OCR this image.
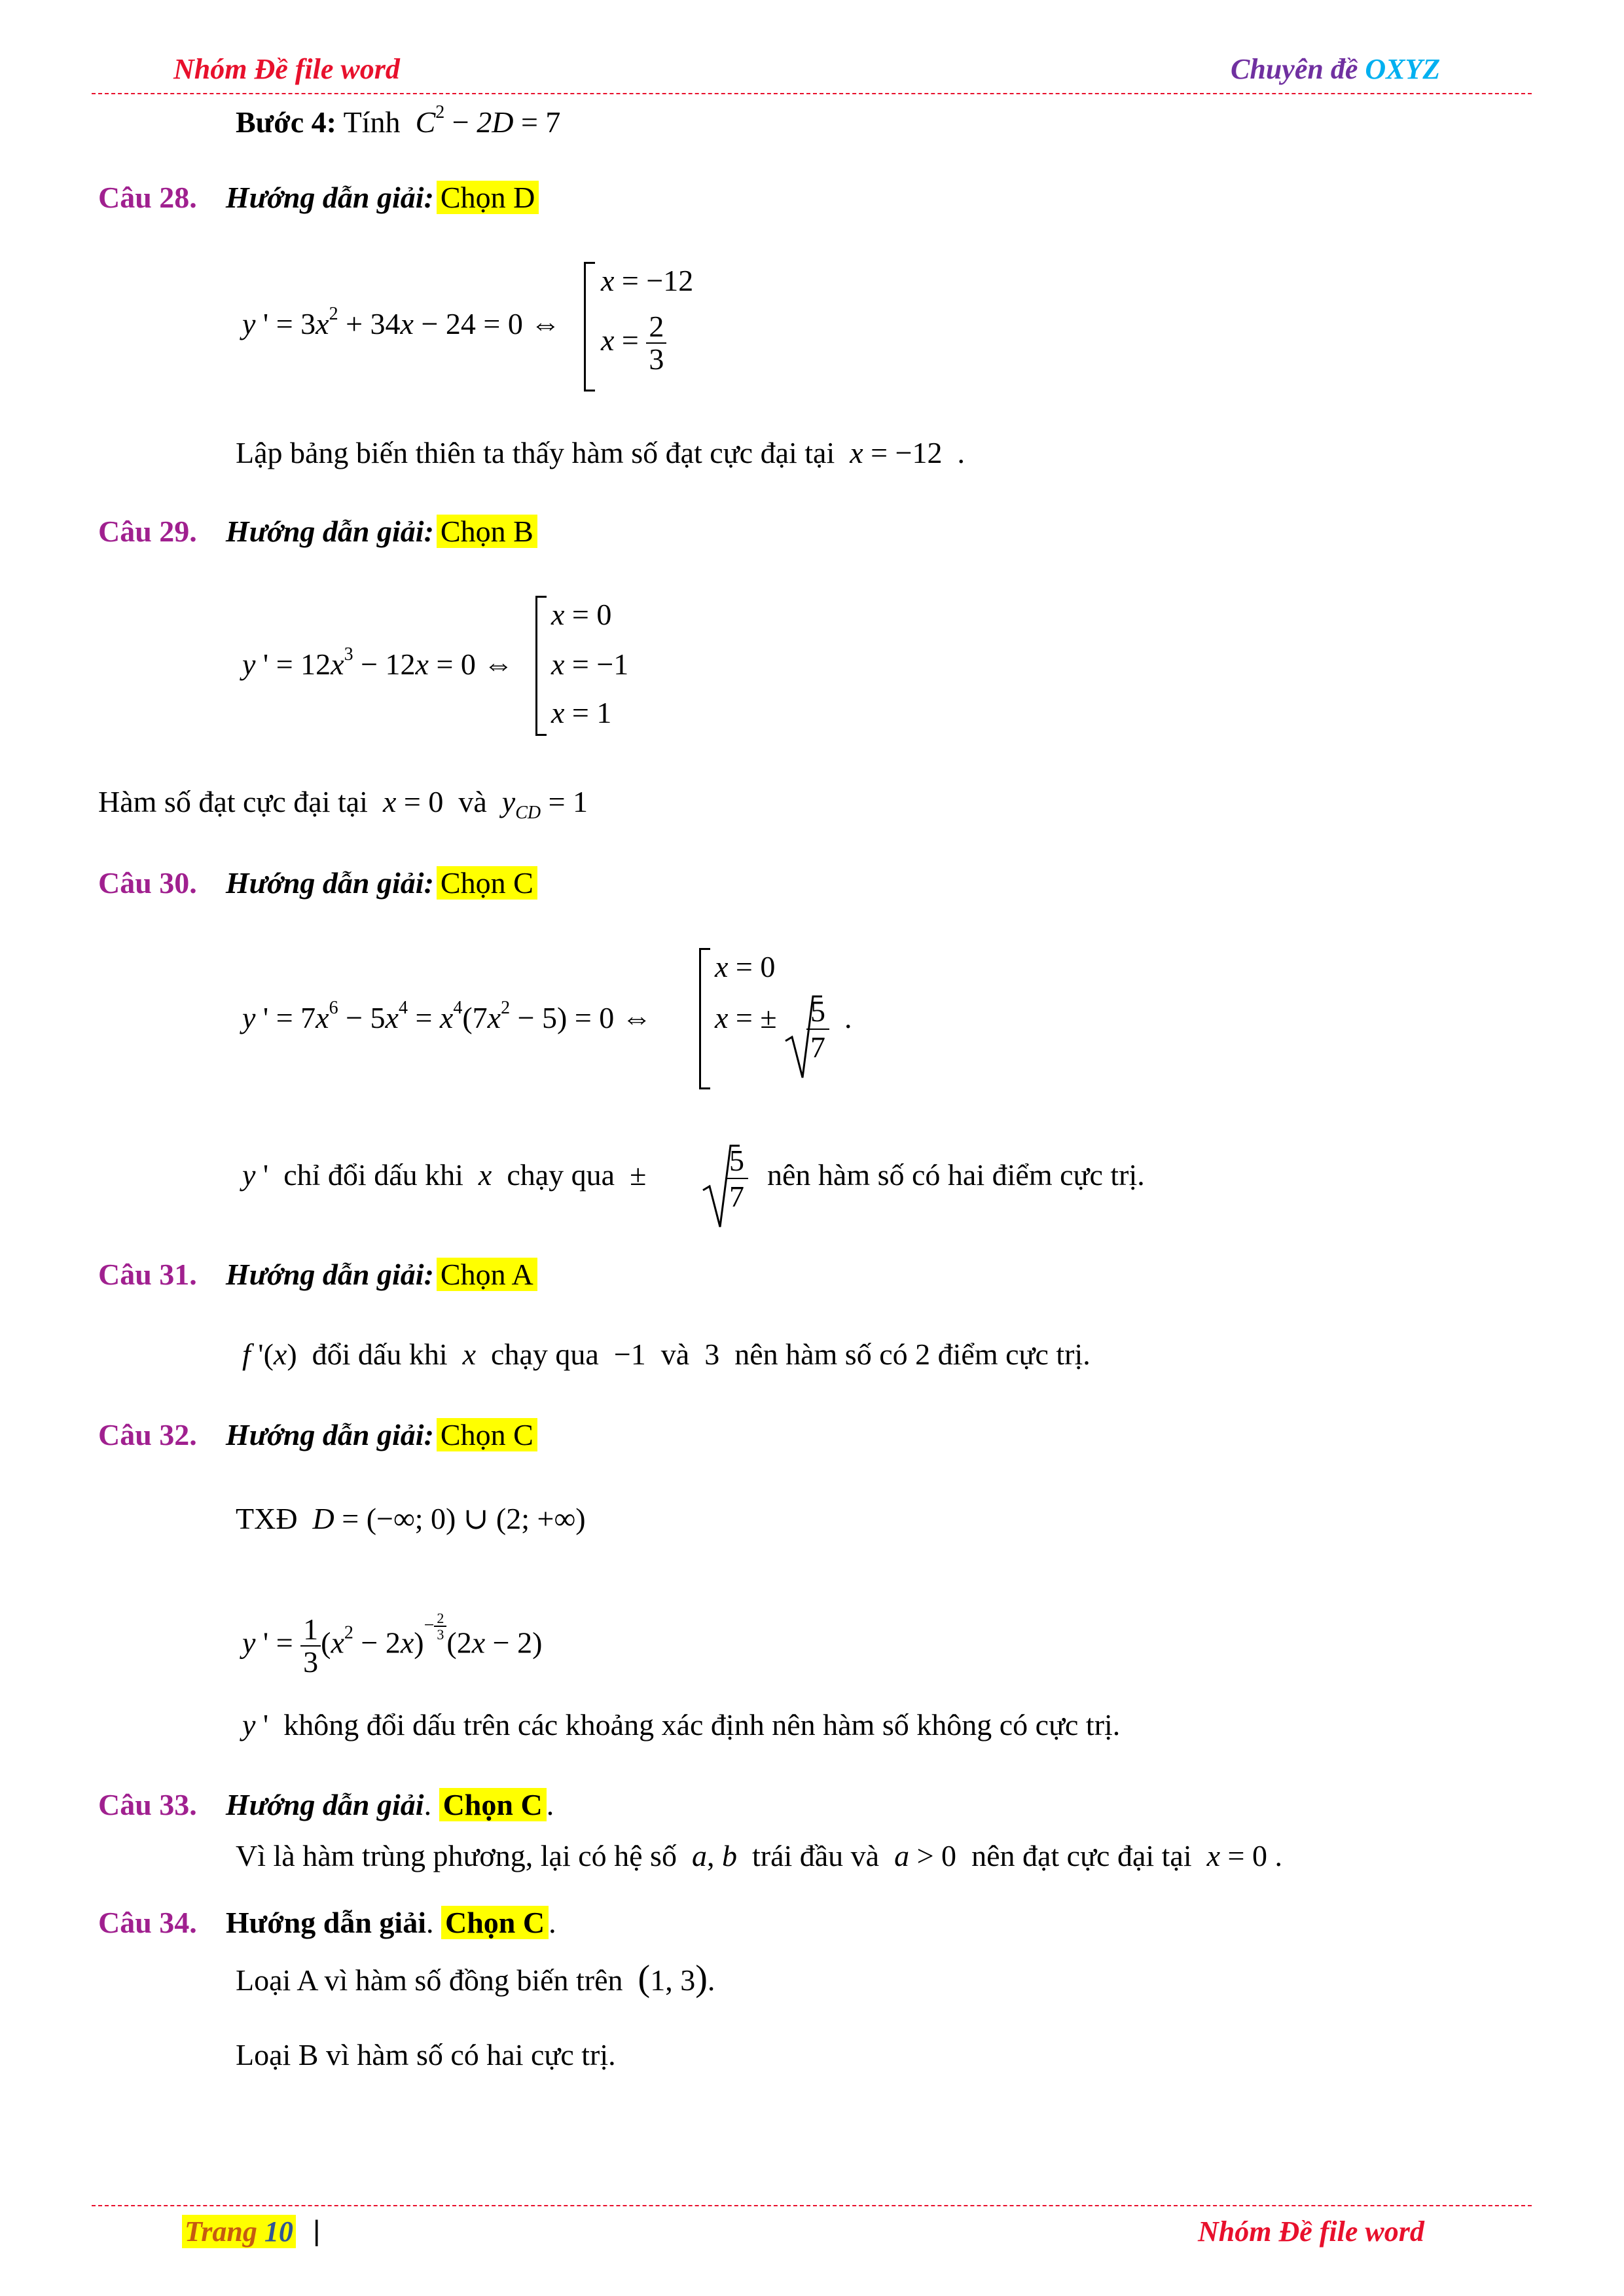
Nhóm Đề file word	Chuyên đề OXYZ
Bước 4: Tính $C^2 - 2D = 7$
Câu 28. Hướng dẫn giải: Chọn D
y ' = $3x^2 + 34x - 24 = 0$ ⇔
x = −12
$x = \frac{2}{3}$
Lập bảng biến thiên ta thấy hàm số đạt cực đại tại x = −12  .
Câu 29. Hướng dẫn giải: Chọn B
y ' = $12x^3 - 12x = 0$ ⇔
x = 0
x = −1
x = 1
Hàm số đạt cực đại tại x = 0  và $y_{CD} = 1$
Câu 30. Hướng dẫn giải: Chọn C
y ' = $7x^6 - 5x^4 = x^4(7x^2 - 5) = 0$ ⇔
x = 0
x = ± 5
7
.
y '  chỉ đổi dấu khi x chạy qua  ±	5
7
nên hàm số có hai điểm cực trị.
Câu 31. Hướng dẫn giải: Chọn A
f '(x)  đổi dấu khi x chạy qua  −1  và  3  nên hàm số có 2 điểm cực trị.
Câu 32. Hướng dẫn giải: Chọn C
TXĐ D = (−∞; 0) ∪ (2; +∞)
y ' = $\frac{1}{3} (x^2 - 2x)^{- \frac{2}{3}}$ (2x − 2)
y '  không đổi dấu trên các khoảng xác định nên hàm số không có cực trị.
Câu 33. Hướng dẫn giải. Chọn C .
Vì là hàm trùng phương, lại có hệ số a, b trái đầu và a > 0  nên đạt cực đại tại x = 0 .
Câu 34. Hướng dẫn giải. Chọn C .
Loại A vì hàm số đồng biến trên (1, 3).
Loại B vì hàm số có hai cực trị.
Trang 10 |	Nhóm Đề file word
